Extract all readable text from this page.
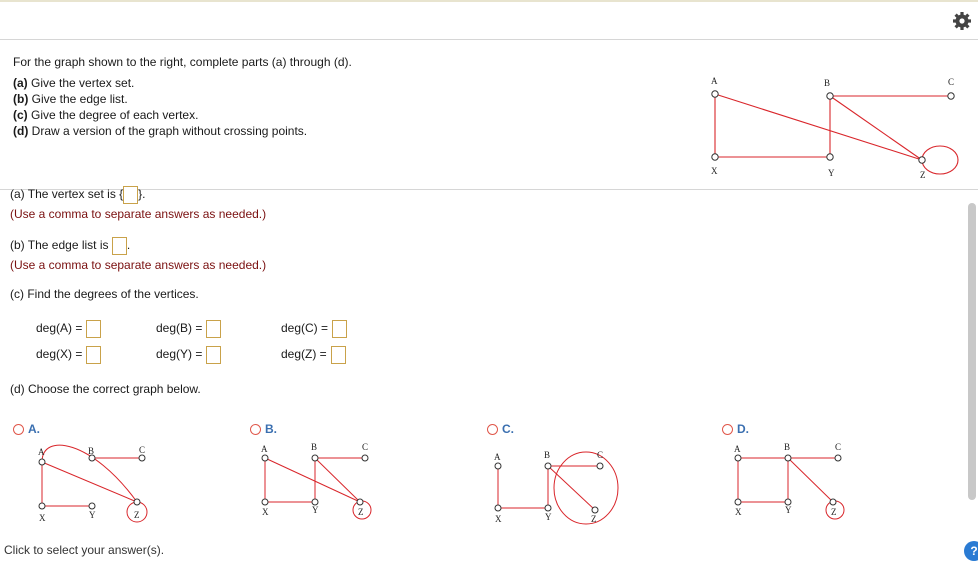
For the graph shown to the right, complete parts (a) through (d).

(a) Give the vertex set.

(b) Give the edge list.

(c) Give the degree of each vertex.

(d) Draw a version of the graph without crossing points.

A	B	C
X	Y	Z
(a) The vertex set is { }.
(Use a comma to separate answers as needed.)
(b) The edge list is .
(Use a comma to separate answers as needed.)
(c) Find the degrees of the vertices.
deg(A) =	deg(B) =	deg(C) =
deg(X) =	deg(Y) =	deg(Z) =
(d) Choose the correct graph below.
A.
A	B	C
X	Y	Z
B.
A	B	C
X	Y	Z
C.
A	B	C
X	Y	Z
D.
A	B	C
X	Y	Z
Click to select your answer(s).	?
